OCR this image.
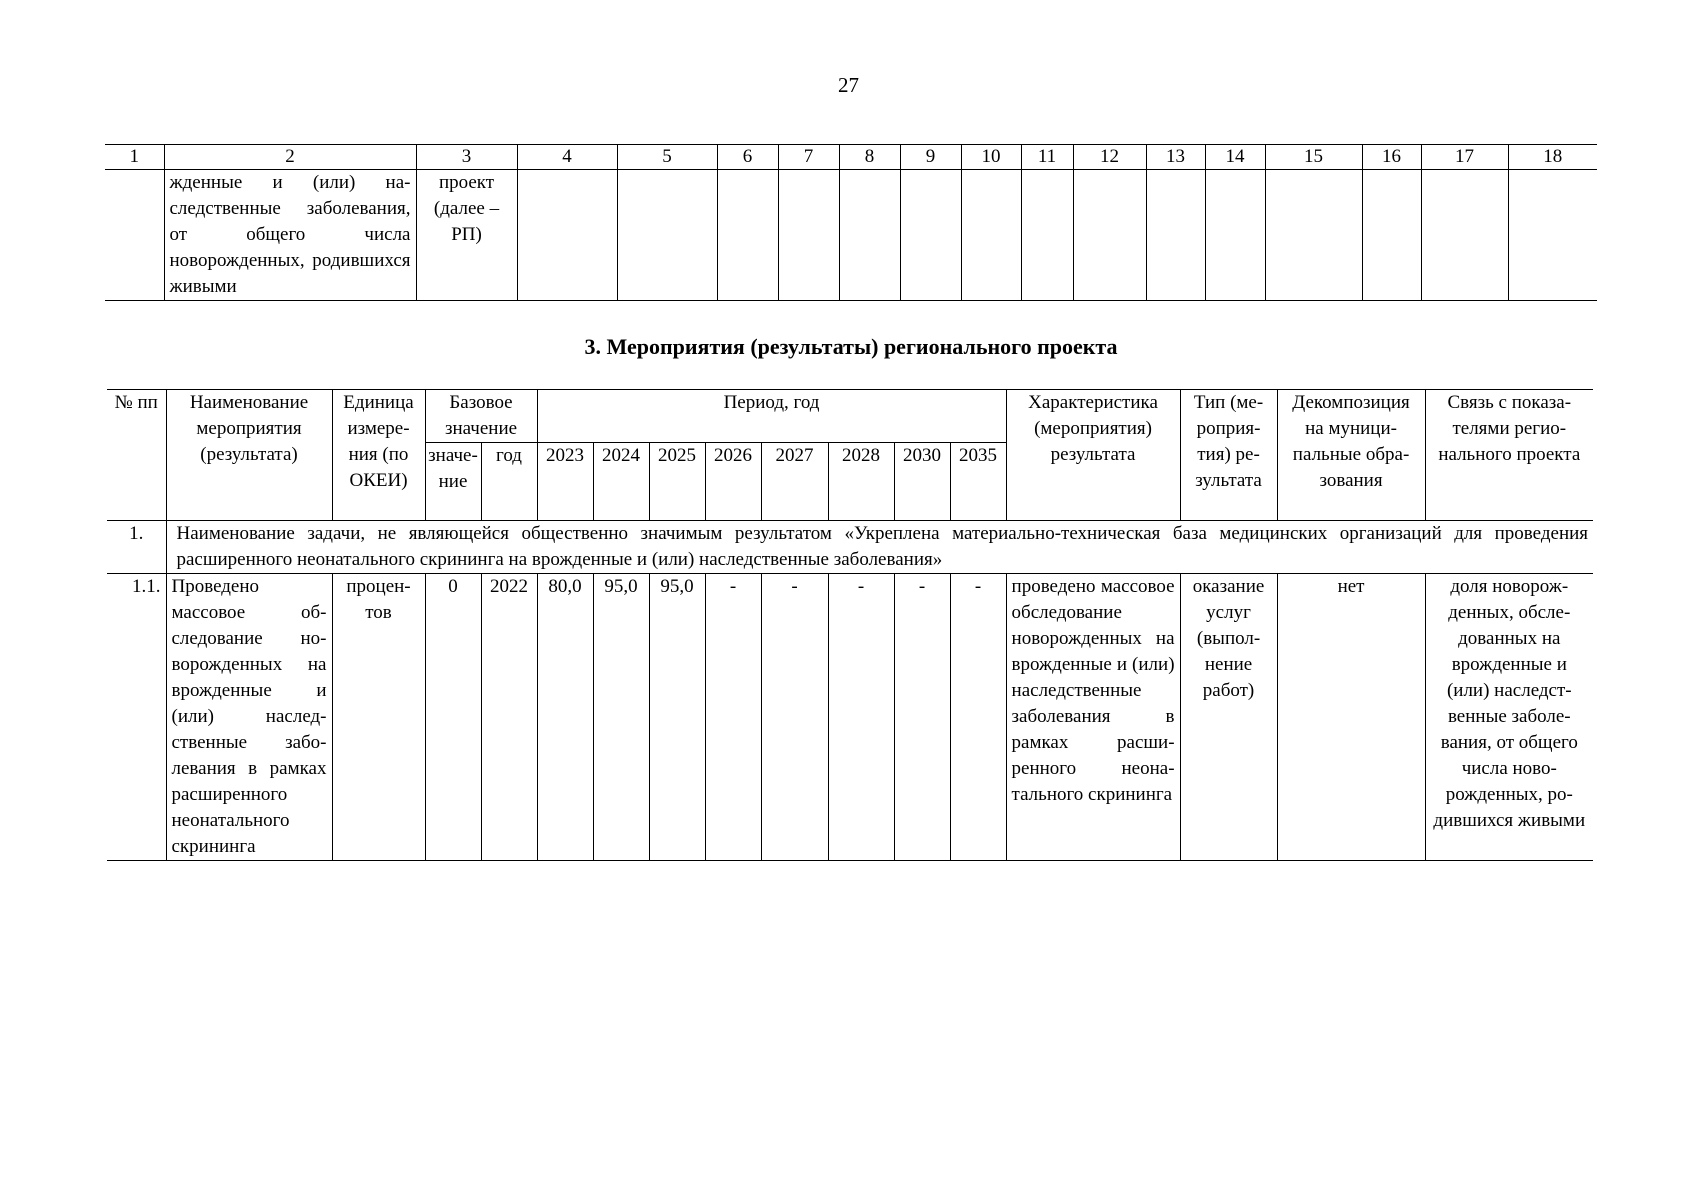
27
1	2	3	4	5	6	7	8	9	10	11	12	13	14	15	16	17	18
	жденные и (или) наследственные заболевания, от общего числа новорожденных, родившихся живыми	проект (далее – РП)															
3. Мероприятия (результаты) регионального проекта
№ пп	Наименование мероприятия (результата)	Единица измерения (по ОКЕИ)	Базовое значение		Период, год								Характеристика (мероприятия) результата	Тип (мероприятия) результата	Декомпозиция на муниципальные образования	Связь с показателями регионального проекта
			значение	год	2023	2024	2025	2026	2027	2028	2030	2035				
1.	Наименование задачи, не являющейся общественно значимым результатом «Укреплена материально-техническая база медицинских организаций для проведения расширенного неонатального скрининга на врожденные и (или) наследственные заболевания»															
1.1.	Проведено массовое обследование новорожденных на врожденные и (или) наследственные заболевания в рамках расширенного неонатального скрининга	процентов	0	2022	80,0	95,0	95,0	-	-	-	-	-	проведено массовое обследование новорожденных на врожденные и (или) наследственные заболевания в рамках расширенного неонатального скрининга	оказание услуг (выполнение работ)	нет	доля новорожденных, обследованных на врожденные и (или) наследственные заболевания, от общего числа новорожденных, родившихся живыми
